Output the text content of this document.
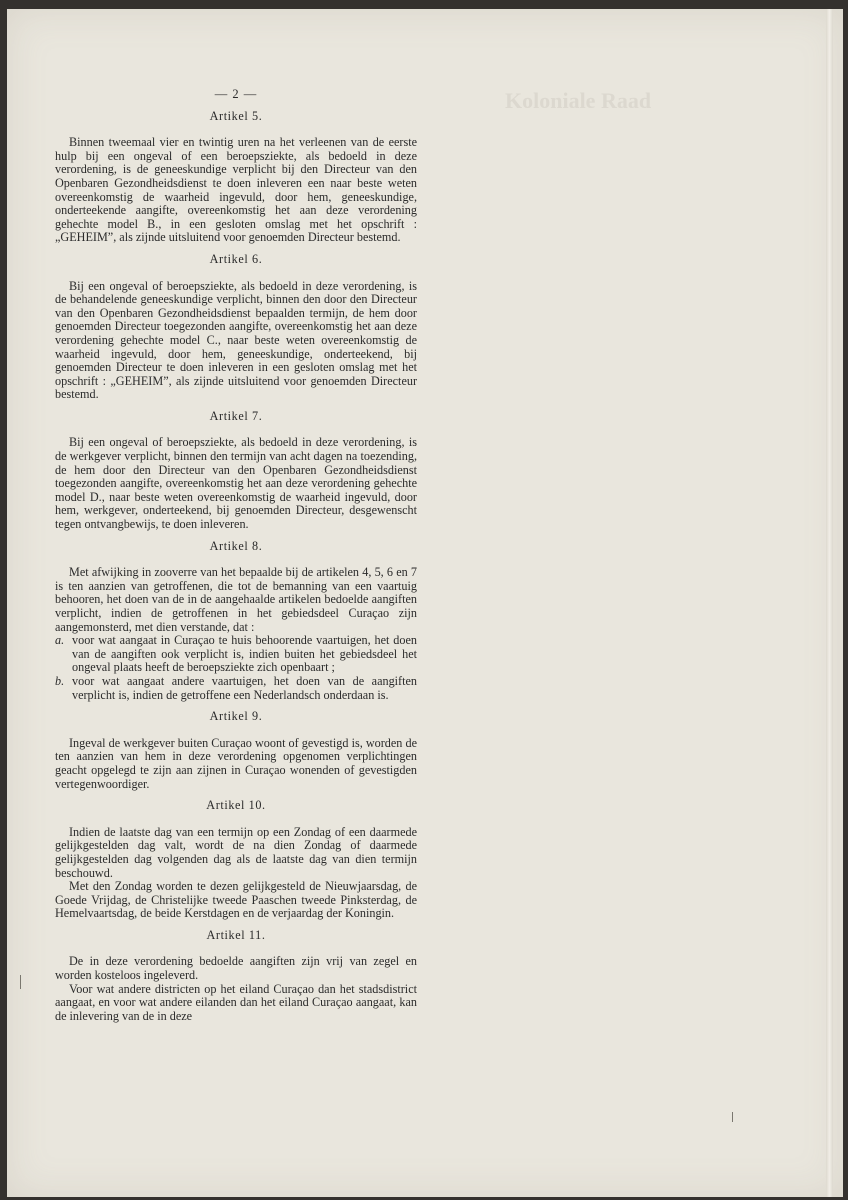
Koloniale Raad
— 2 —
Artikel 5.

Binnen tweemaal vier en twintig uren na het verleenen van de eerste hulp bij een ongeval of een beroepsziekte, als bedoeld in deze verordening, is de geneeskundige verplicht bij den Directeur van den Openbaren Gezondheidsdienst te doen inleveren een naar beste weten overeenkomstig de waarheid ingevuld, door hem, geneeskundige, onderteekende aangifte, overeenkomstig het aan deze verordening gehechte model B., in een gesloten omslag met het opschrift : „GEHEIM”, als zijnde uitsluitend voor genoemden Directeur bestemd.

Artikel 6.

Bij een ongeval of beroepsziekte, als bedoeld in deze verordening, is de behandelende geneeskundige verplicht, binnen den door den Directeur van den Openbaren Gezondheidsdienst bepaalden termijn, de hem door genoemden Directeur toegezonden aangifte, overeenkomstig het aan deze verordening gehechte model C., naar beste weten overeenkomstig de waarheid ingevuld, door hem, geneeskundige, onderteekend, bij genoemden Directeur te doen inleveren in een gesloten omslag met het opschrift : „GEHEIM”, als zijnde uitsluitend voor genoemden Directeur bestemd.

Artikel 7.

Bij een ongeval of beroepsziekte, als bedoeld in deze verordening, is de werkgever verplicht, binnen den termijn van acht dagen na toezending, de hem door den Directeur van den Openbaren Gezondheidsdienst toegezonden aangifte, overeenkomstig het aan deze verordening gehechte model D., naar beste weten overeenkomstig de waarheid ingevuld, door hem, werkgever, onderteekend, bij genoemden Directeur, desgewenscht tegen ontvangbewijs, te doen inleveren.

Artikel 8.

Met afwijking in zooverre van het bepaalde bij de artikelen 4, 5, 6 en 7 is ten aanzien van getroffenen, die tot de bemanning van een vaartuig behooren, het doen van de in de aangehaalde artikelen bedoelde aangiften verplicht, indien de getroffenen in het gebiedsdeel Curaçao zijn aangemonsterd, met dien verstande, dat :

a. voor wat aangaat in Curaçao te huis behoorende vaartuigen, het doen van de aangiften ook verplicht is, indien buiten het gebiedsdeel het ongeval plaats heeft de beroepsziekte zich openbaart ;
b. voor wat aangaat andere vaartuigen, het doen van de aangiften verplicht is, indien de getroffene een Nederlandsch onderdaan is.
Artikel 9.

Ingeval de werkgever buiten Curaçao woont of gevestigd is, worden de ten aanzien van hem in deze verordening opgenomen verplichtingen geacht opgelegd te zijn aan zijnen in Curaçao wonenden of gevestigden vertegenwoordiger.

Artikel 10.

Indien de laatste dag van een termijn op een Zondag of een daarmede gelijkgestelden dag valt, wordt de na dien Zondag of daarmede gelijkgestelden dag volgenden dag als de laatste dag van dien termijn beschouwd.

Met den Zondag worden te dezen gelijkgesteld de Nieuwjaarsdag, de Goede Vrijdag, de Christelijke tweede Paaschen tweede Pinksterdag, de Hemelvaartsdag, de beide Kerstdagen en de verjaardag der Koningin.

Artikel 11.

De in deze verordening bedoelde aangiften zijn vrij van zegel en worden kosteloos ingeleverd.

Voor wat andere districten op het eiland Curaçao dan het stadsdistrict aangaat, en voor wat andere eilanden dan het eiland Curaçao aangaat, kan de inlevering van de in deze
